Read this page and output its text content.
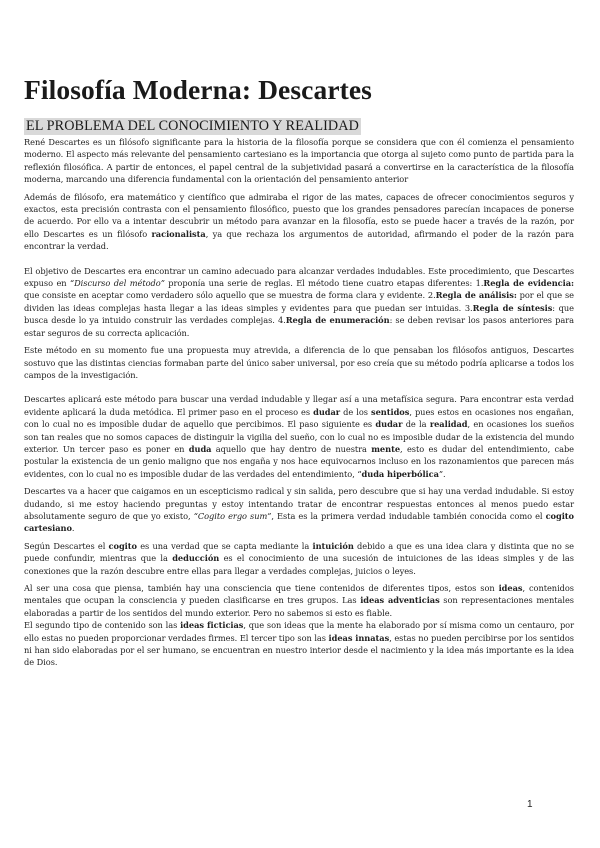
Filosofía Moderna: Descartes
EL PROBLEMA DEL CONOCIMIENTO Y REALIDAD

René Descartes es un filósofo significante para la historia de la filosofía porque se considera que con él comienza el pensamiento moderno. El aspecto más relevante del pensamiento cartesiano es la importancia que otorga al sujeto como punto de partida para la reflexión filosófica. A partir de entonces, el papel central de la subjetividad pasará a convertirse en la característica de la filosofía moderna, marcando una diferencia fundamental con la orientación del pensamiento anterior

Además de filósofo, era matemático y científico que admiraba el rigor de las mates, capaces de ofrecer conocimientos seguros y exactos, esta precisión contrasta con el pensamiento filosófico, puesto que los grandes pensadores parecían incapaces de ponerse de acuerdo. Por ello va a intentar descubrir un método para avanzar en la filosofía, esto se puede hacer a través de la razón, por ello Descartes es un filósofo racionalista, ya que rechaza los argumentos de autoridad, afirmando el poder de la razón para encontrar la verdad.

El objetivo de Descartes era encontrar un camino adecuado para alcanzar verdades indudables. Este procedimiento, que Descartes expuso en “Discurso del método” proponía una serie de reglas. El método tiene cuatro etapas diferentes: 1.Regla de evidencia: que consiste en aceptar como verdadero sólo aquello que se muestra de forma clara y evidente. 2.Regla de análisis: por el que se dividen las ideas complejas hasta llegar a las ideas simples y evidentes para que puedan ser intuidas. 3.Regla de síntesis: que busca desde lo ya intuido construir las verdades complejas. 4.Regla de enumeración: se deben revisar los pasos anteriores para estar seguros de su correcta aplicación.

Este método en su momento fue una propuesta muy atrevida, a diferencia de lo que pensaban los filósofos antiguos, Descartes sostuvo que las distintas ciencias formaban parte del único saber universal, por eso creía que su método podría aplicarse a todos los campos de la investigación.

Descartes aplicará este método para buscar una verdad indudable y llegar así a una metafísica segura. Para encontrar esta verdad evidente aplicará la duda metódica. El primer paso en el proceso es dudar de los sentidos, pues estos en ocasiones nos engañan, con lo cual no es imposible dudar de aquello que percibimos. El paso siguiente es dudar de la realidad, en ocasiones los sueños son tan reales que no somos capaces de distinguir la vigilia del sueño, con lo cual no es imposible dudar de la existencia del mundo exterior. Un tercer paso es poner en duda aquello que hay dentro de nuestra mente, esto es dudar del entendimiento, cabe postular la existencia de un genio maligno que nos engaña y nos hace equivocarnos incluso en los razonamientos que parecen más evidentes, con lo cual no es imposible dudar de las verdades del entendimiento, “duda hiperbólica”.

Descartes va a hacer que caigamos en un escepticismo radical y sin salida, pero descubre que si hay una verdad indudable. Si estoy dudando, si me estoy haciendo preguntas y estoy intentando tratar de encontrar respuestas entonces al menos puedo estar absolutamente seguro de que yo existo, “Cogito ergo sum”, Esta es la primera verdad indudable también conocida como el cogito cartesiano.

Según Descartes el cogito es una verdad que se capta mediante la intuición debido a que es una idea clara y distinta que no se puede confundir, mientras que la deducción es el conocimiento de una sucesión de intuiciones de las ideas simples y de las conexiones que la razón descubre entre ellas para llegar a verdades complejas, juicios o leyes.

Al ser una cosa que piensa, también hay una consciencia que tiene contenidos de diferentes tipos, estos son ideas, contenidos mentales que ocupan la consciencia y pueden clasificarse en tres grupos. Las ideas adventicias son representaciones mentales elaboradas a partir de los sentidos del mundo exterior. Pero no sabemos si esto es fiable.

El segundo tipo de contenido son las ideas ficticias, que son ideas que la mente ha elaborado por sí misma como un centauro, por ello estas no pueden proporcionar verdades firmes. El tercer tipo son las ideas innatas, estas no pueden percibirse por los sentidos ni han sido elaboradas por el ser humano, se encuentran en nuestro interior desde el nacimiento y la idea más importante es la idea de Dios.

1
